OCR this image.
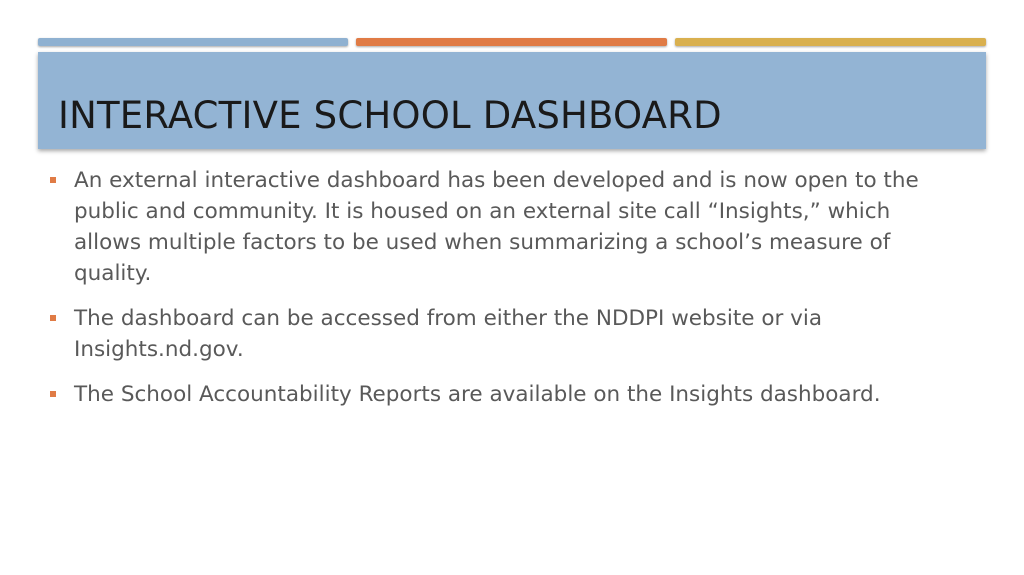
INTERACTIVE SCHOOL DASHBOARD
An external interactive dashboard has been developed and is now open to the public and community. It is housed on an external site call “Insights,” which allows multiple factors to be used when summarizing a school’s measure of quality.
The dashboard can be accessed from either the NDDPI website or via Insights.nd.gov.
The School Accountability Reports are available on the Insights dashboard.
